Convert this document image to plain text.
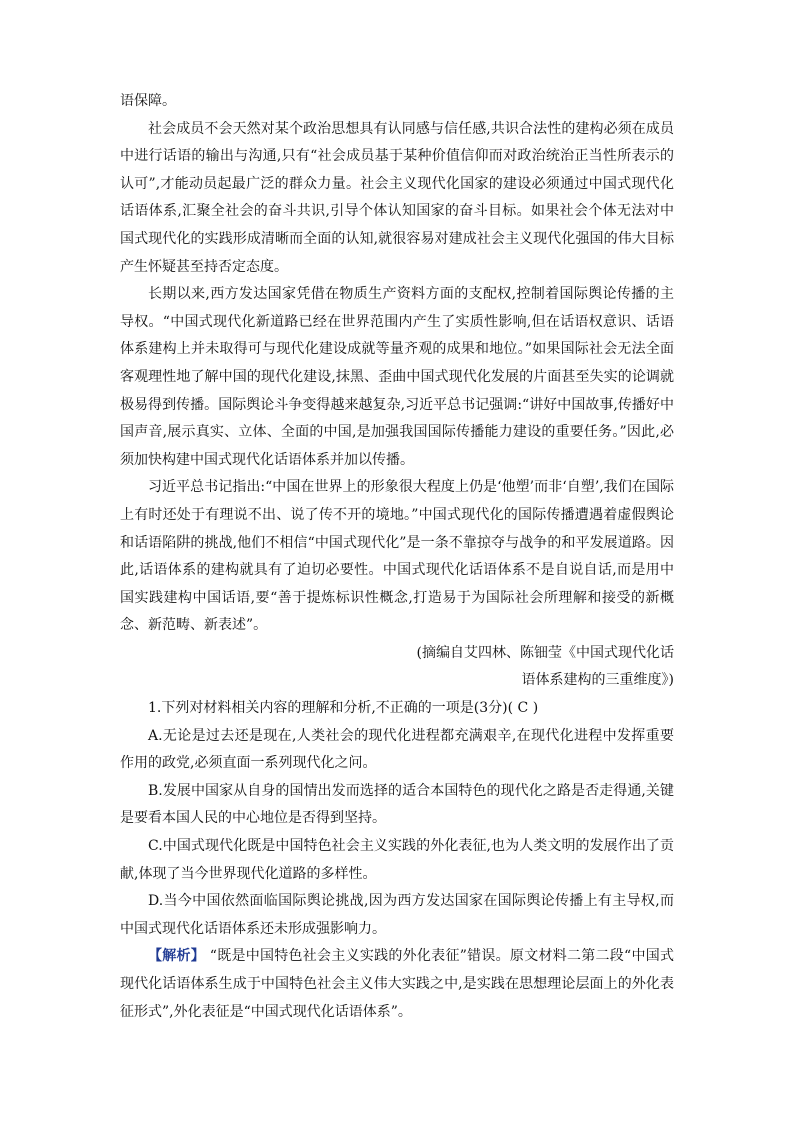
语保障。
社会成员不会天然对某个政治思想具有认同感与信任感,共识合法性的建构必须在成员中进行话语的输出与沟通,只有“社会成员基于某种价值信仰而对政治统治正当性所表示的认可”,才能动员起最广泛的群众力量。社会主义现代化国家的建设必须通过中国式现代化话语体系,汇聚全社会的奋斗共识,引导个体认知国家的奋斗目标。如果社会个体无法对中国式现代化的实践形成清晰而全面的认知,就很容易对建成社会主义现代化强国的伟大目标产生怀疑甚至持否定态度。
长期以来,西方发达国家凭借在物质生产资料方面的支配权,控制着国际舆论传播的主导权。“中国式现代化新道路已经在世界范围内产生了实质性影响,但在话语权意识、话语体系建构上并未取得可与现代化建设成就等量齐观的成果和地位。”如果国际社会无法全面客观理性地了解中国的现代化建设,抹黑、歪曲中国式现代化发展的片面甚至失实的论调就极易得到传播。国际舆论斗争变得越来越复杂,习近平总书记强调:“讲好中国故事,传播好中国声音,展示真实、立体、全面的中国,是加强我国国际传播能力建设的重要任务。”因此,必须加快构建中国式现代化话语体系并加以传播。
习近平总书记指出:“中国在世界上的形象很大程度上仍是‘他塑’而非‘自塑’,我们在国际上有时还处于有理说不出、说了传不开的境地。”中国式现代化的国际传播遭遇着虚假舆论和话语陷阱的挑战,他们不相信“中国式现代化”是一条不靠掠夺与战争的和平发展道路。因此,话语体系的建构就具有了迫切必要性。中国式现代化话语体系不是自说自话,而是用中国实践建构中国话语,要“善于提炼标识性概念,打造易于为国际社会所理解和接受的新概念、新范畴、新表述”。
(摘编自艾四林、陈钿莹《中国式现代化话
语体系建构的三重维度》)
1.下列对材料相关内容的理解和分析,不正确的一项是(3分)( C )
A.无论是过去还是现在,人类社会的现代化进程都充满艰辛,在现代化进程中发挥重要作用的政党,必须直面一系列现代化之问。
B.发展中国家从自身的国情出发而选择的适合本国特色的现代化之路是否走得通,关键是要看本国人民的中心地位是否得到坚持。
C.中国式现代化既是中国特色社会主义实践的外化表征,也为人类文明的发展作出了贡献,体现了当今世界现代化道路的多样性。
D.当今中国依然面临国际舆论挑战,因为西方发达国家在国际舆论传播上有主导权,而中国式现代化话语体系还未形成强影响力。
【解析】 “既是中国特色社会主义实践的外化表征”错误。原文材料二第二段“中国式现代化话语体系生成于中国特色社会主义伟大实践之中,是实践在思想理论层面上的外化表征形式”,外化表征是“中国式现代化话语体系”。
